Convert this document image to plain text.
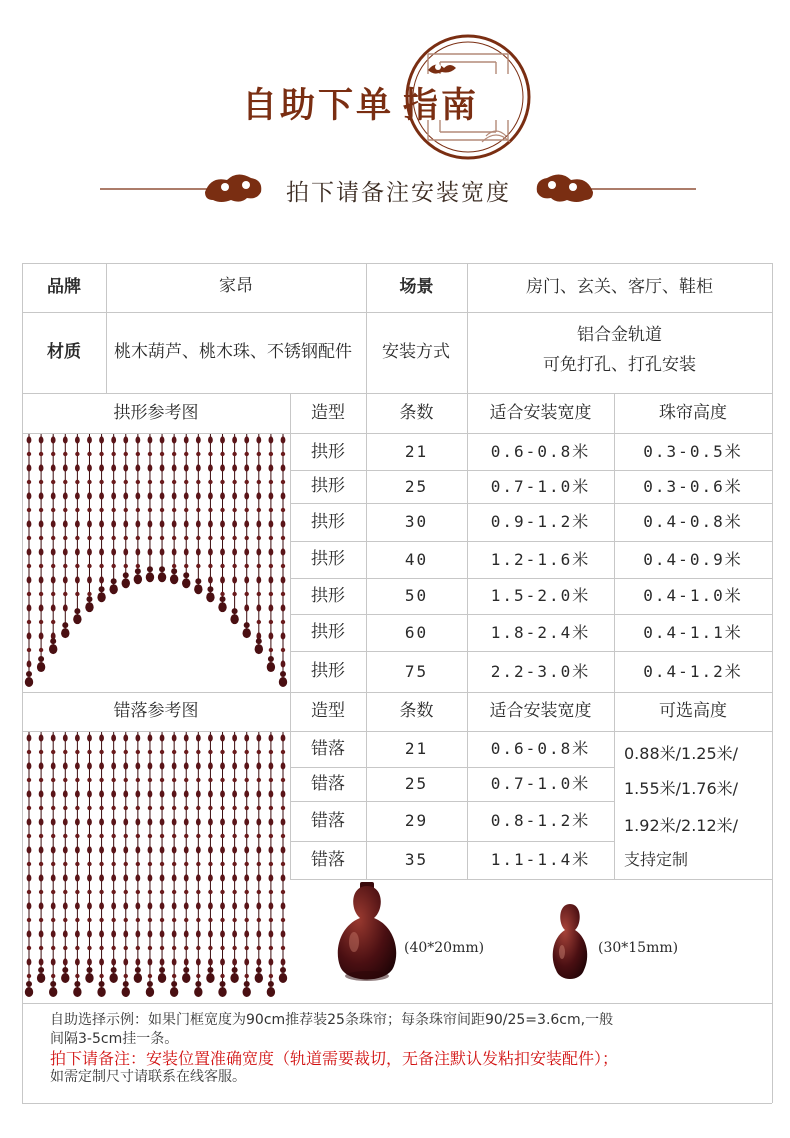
自助下单 指南
拍下请备注安装宽度
品牌	家昂	场景	房门、玄关、客厅、鞋柜
材质	桃木葫芦、桃木珠、不锈钢配件	安装方式
铝合金轨道
可免打孔、打孔安装
拱形参考图	造型	条数	适合安装宽度	珠帘高度
拱形	21	0.6-0.8米	0.3-0.5米
拱形	25	0.7-1.0米	0.3-0.6米
拱形	30	0.9-1.2米	0.4-0.8米
拱形	40	1.2-1.6米	0.4-0.9米
拱形	50	1.5-2.0米	0.4-1.0米
拱形	60	1.8-2.4米	0.4-1.1米
拱形	75	2.2-3.0米	0.4-1.2米
错落参考图	造型	条数	适合安装宽度	可选高度
错落	21	0.6-0.8米
错落	25	0.7-1.0米
错落	29	0.8-1.2米
错落	35	1.1-1.4米
0.88米/1.25米/
1.55米/1.76米/
1.92米/2.12米/
支持定制
(40*20mm)	(30*15mm)
自助选择示例：如果门框宽度为90cm推荐装25条珠帘；每条珠帘间距90/25=3.6cm,一般
间隔3-5cm挂一条。
拍下请备注：安装位置准确宽度（轨道需要裁切，无备注默认发粘扣安装配件）；
如需定制尺寸请联系在线客服。
